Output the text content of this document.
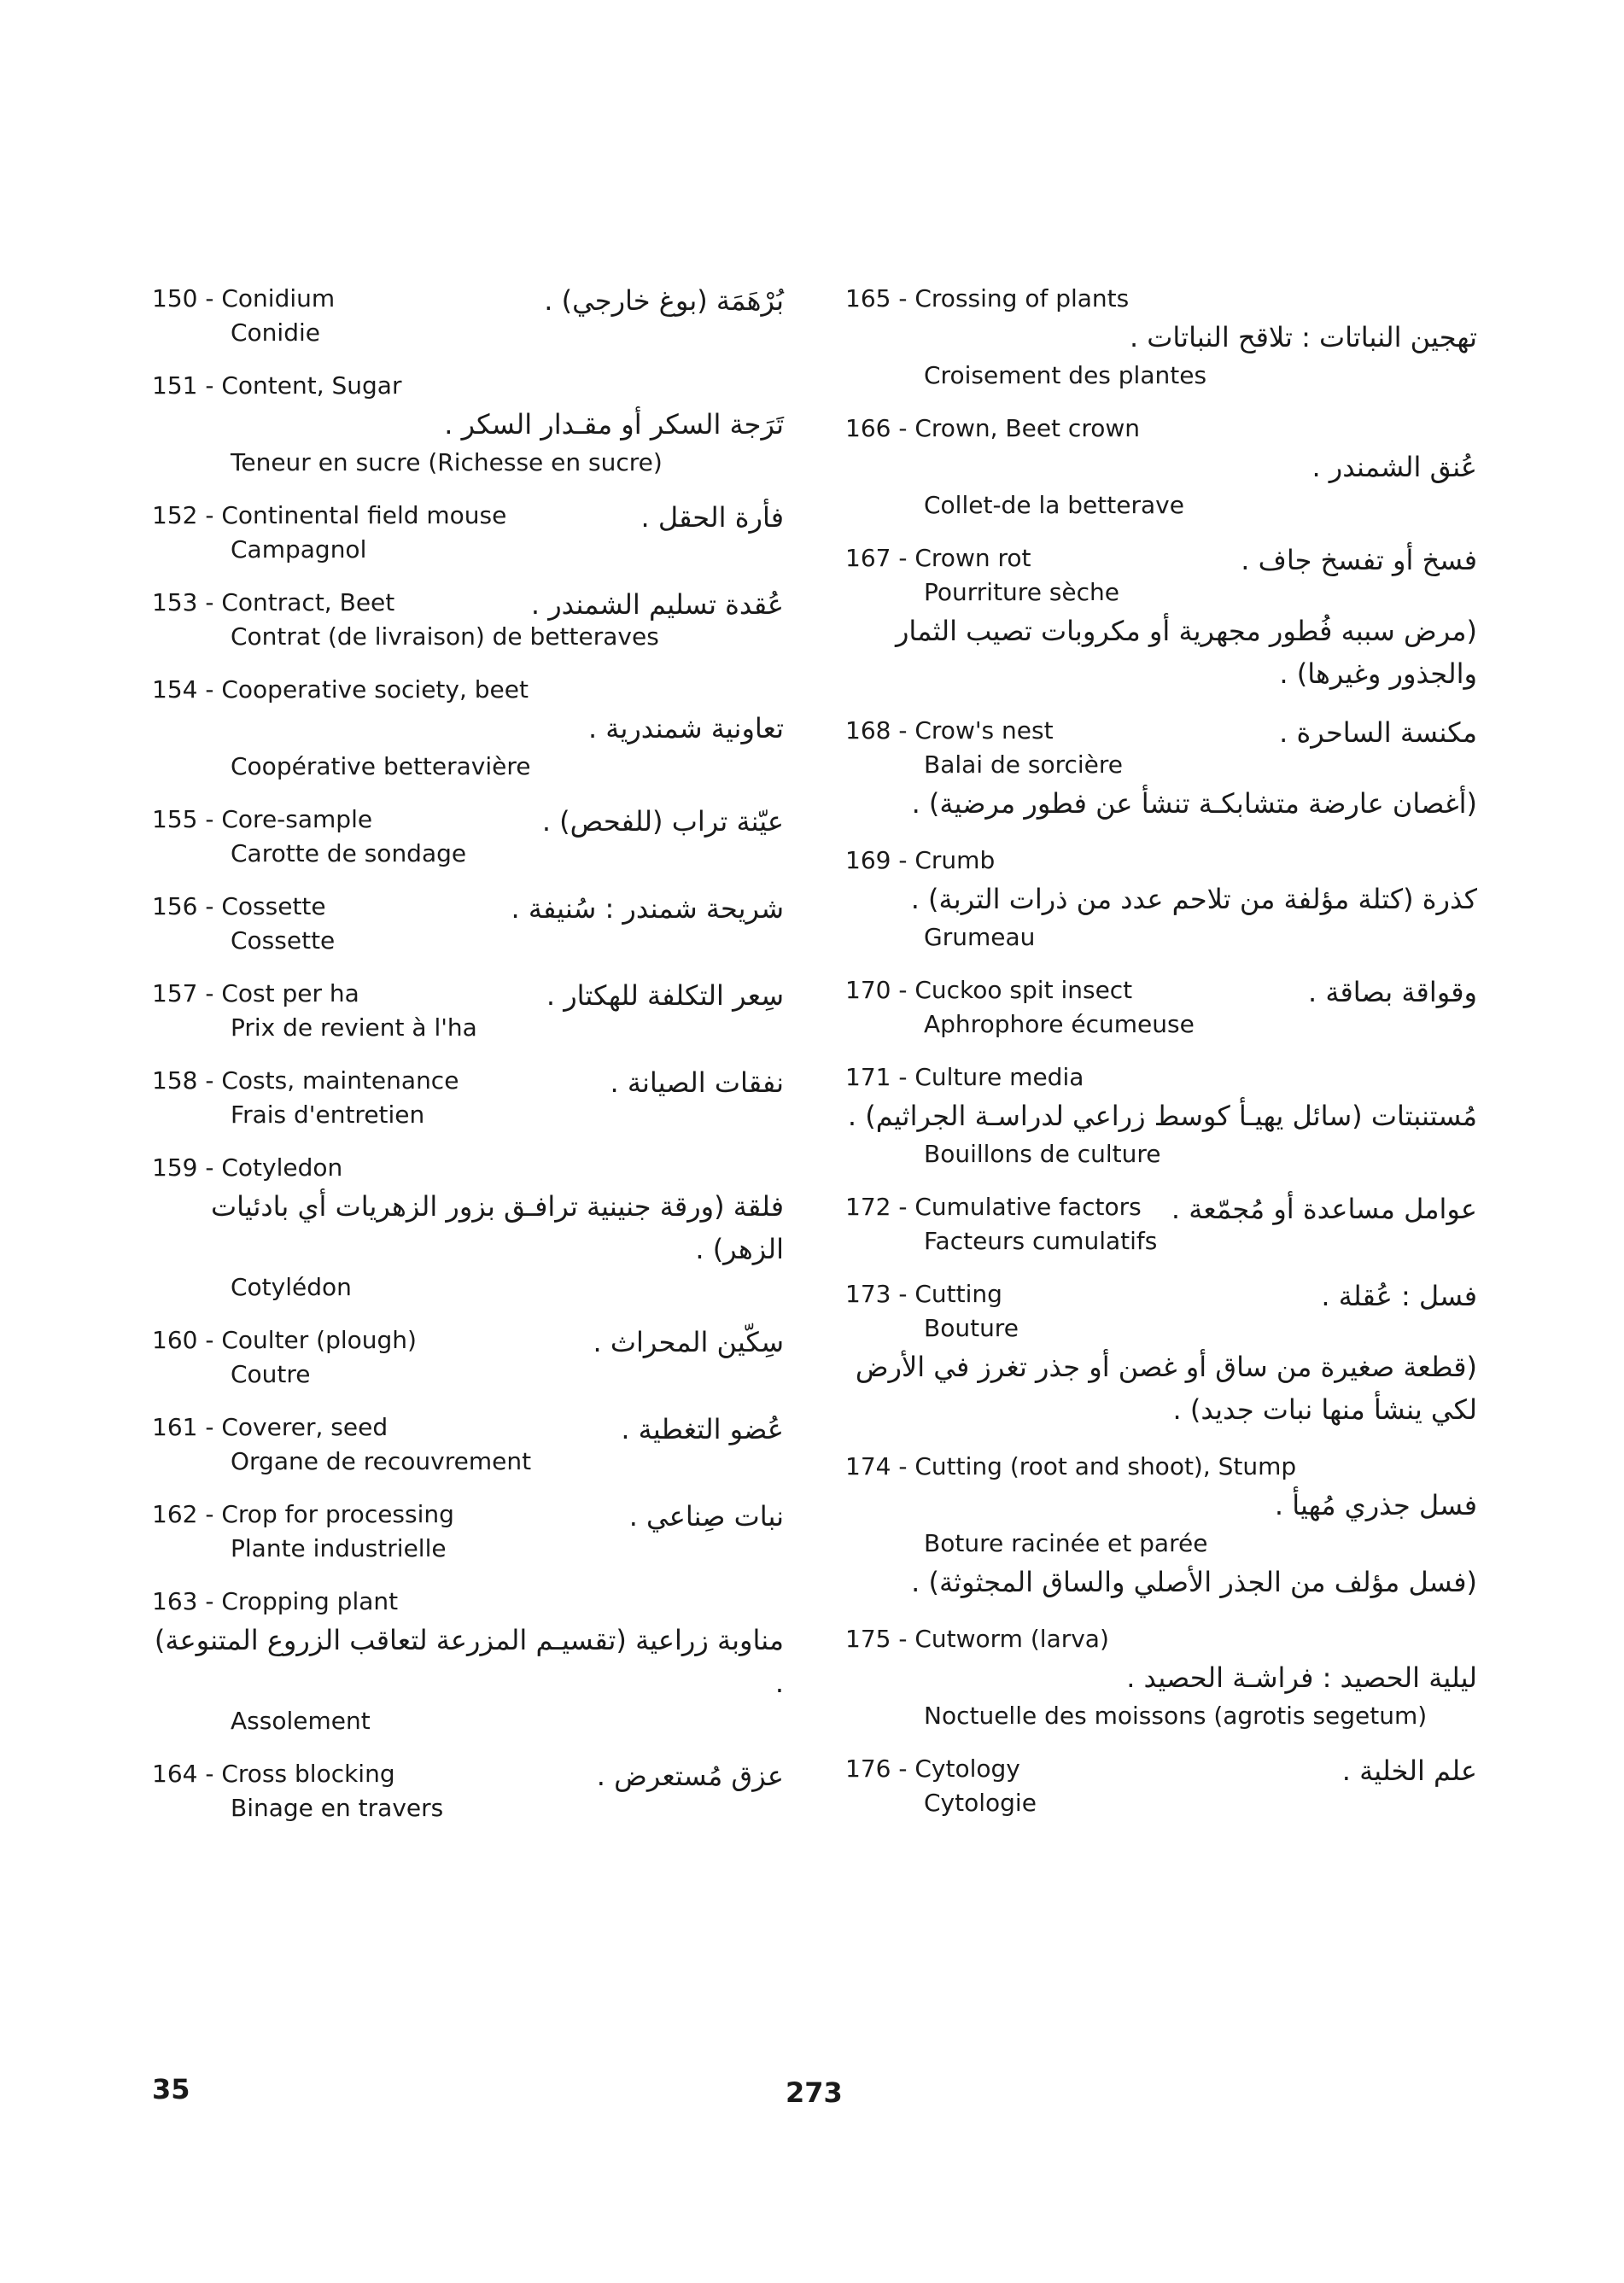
150 - Conidium	بُرْهَمَة (بوغ خارجي) .
Conidie
151 - Content, Sugar
تَرَجة السكر أو مقـدار السكر .
Teneur en sucre (Richesse en sucre)
152 - Continental field mouse	فأرة الحقل .
Campagnol
153 - Contract, Beet	عُقدة تسليم الشمندر .
Contrat (de livraison) de betteraves
154 - Cooperative society, beet
تعاونية شمندرية .
Coopérative betteravière
155 - Core-sample	عيّنة تراب (للفحص) .
Carotte de sondage
156 - Cossette	شريحة شمندر : سُنيفة .
Cossette
157 - Cost per ha	سِعر التكلفة للهكتار .
Prix de revient à l'ha
158 - Costs, maintenance	نفقات الصيانة .
Frais d'entretien
159 - Cotyledon
فلقة (ورقة جنينية ترافـق بزور الزهريات أي بادئيات الزهر) .
Cotylédon
160 - Coulter (plough)	سِكّين المحراث .
Coutre
161 - Coverer, seed	عُضو التغطية .
Organe de recouvrement
162 - Crop for processing	نبات صِناعي .
Plante industrielle
163 - Cropping plant
مناوبة زراعية (تقسيـم المزرعة لتعاقب الزروع المتنوعة) .
Assolement
164 - Cross blocking	عزق مُستعرض .
Binage en travers
165 - Crossing of plants
تهجين النباتات : تلاقح النباتات .
Croisement des plantes
166 - Crown, Beet crown
عُنق الشمندر .
Collet-de la betterave
167 - Crown rot	فسخ أو تفسخ جاف .
Pourriture sèche
(مرض سببه فُطور مجهرية أو مكروبات تصيب الثمار والجذور وغيرها) .
168 - Crow's nest	مكنسة الساحرة .
Balai de sorcière
(أغصان عارضة متشابكـة تنشأ عن فطور مرضية) .
169 - Crumb
كذرة (كتلة مؤلفة من تلاحم عدد من ذرات التربة) .
Grumeau
170 - Cuckoo spit insect	وقواقة بصاقة .
Aphrophore écumeuse
171 - Culture media
مُستنبتات (سائل يهيـأ كوسط زراعي لدراسـة الجراثيم) .
Bouillons de culture
172 - Cumulative factors	عوامل مساعدة أو مُجمّعة .
Facteurs cumulatifs
173 - Cutting	فسل : عُقلة .
Bouture
(قطعة صغيرة من ساق أو غصن أو جذر تغرز في الأرض لكي ينشأ منها نبات جديد) .
174 - Cutting (root and shoot), Stump
فسل جذري مُهيأ .
Boture racinée et parée
(فسل مؤلف من الجذر الأصلي والساق المجثوثة) .
175 - Cutworm (larva)
ليلية الحصيد : فراشـة الحصيد .
Noctuelle des moissons (agrotis segetum)
176 - Cytology	علم الخلية .
Cytologie
35	273
